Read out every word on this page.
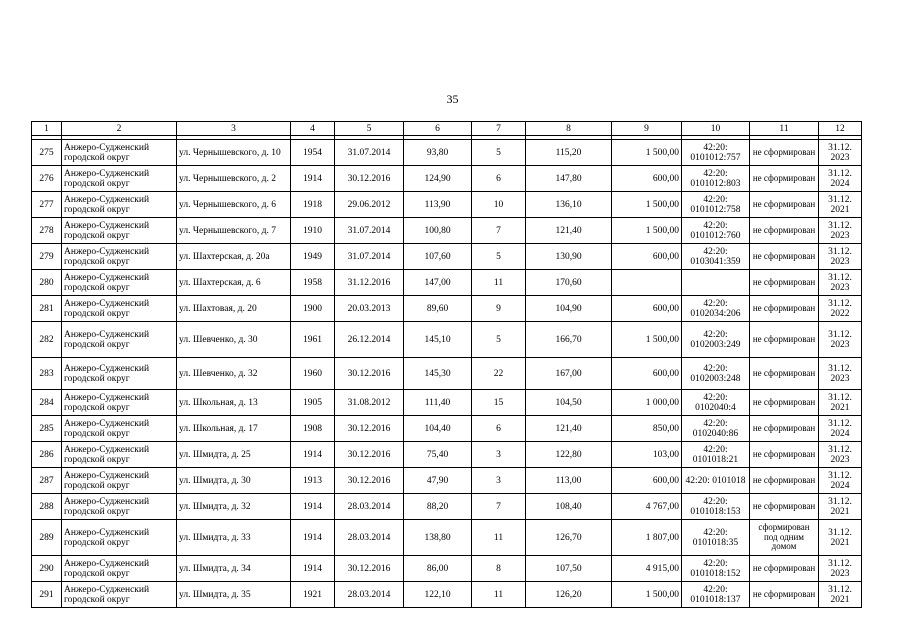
35
1	2	3	4	5	6	7	8	9	10	11	12

275	Анжеро-Судженский городской округ	ул. Чернышевского, д. 10	1954	31.07.2014	93,80	5	115,20	1 500,00	42:20: 0101012:757	не сформирован	31.12. 2023
276	Анжеро-Судженский городской округ	ул. Чернышевского, д. 2	1914	30.12.2016	124,90	6	147,80	600,00	42:20: 0101012:803	не сформирован	31.12. 2024
277	Анжеро-Судженский городской округ	ул. Чернышевского, д. 6	1918	29.06.2012	113,90	10	136,10	1 500,00	42:20: 0101012:758	не сформирован	31.12. 2021
278	Анжеро-Судженский городской округ	ул. Чернышевского, д. 7	1910	31.07.2014	100,80	7	121,40	1 500,00	42:20: 0101012:760	не сформирован	31.12. 2023
279	Анжеро-Судженский городской округ	ул. Шахтерская, д. 20а	1949	31.07.2014	107,60	5	130,90	600,00	42:20: 0103041:359	не сформирован	31.12. 2023
280	Анжеро-Судженский городской округ	ул. Шахтерская, д. 6	1958	31.12.2016	147,00	11	170,60			не сформирован	31.12. 2023
281	Анжеро-Судженский городской округ	ул. Шахтовая, д. 20	1900	20.03.2013	89,60	9	104,90	600,00	42:20: 0102034:206	не сформирован	31.12. 2022
282	Анжеро-Судженский городской округ	ул. Шевченко, д. 30	1961	26.12.2014	145,10	5	166,70	1 500,00	42:20: 0102003:249	не сформирован	31.12. 2023
283	Анжеро-Судженский городской округ	ул. Шевченко, д. 32	1960	30.12.2016	145,30	22	167,00	600,00	42:20: 0102003:248	не сформирован	31.12. 2023
284	Анжеро-Судженский городской округ	ул. Школьная, д. 13	1905	31.08.2012	111,40	15	104,50	1 000,00	42:20: 0102040:4	не сформирован	31.12. 2021
285	Анжеро-Судженский городской округ	ул. Школьная, д. 17	1908	30.12.2016	104,40	6	121,40	850,00	42:20: 0102040:86	не сформирован	31.12. 2024
286	Анжеро-Судженский городской округ	ул. Шмидта, д. 25	1914	30.12.2016	75,40	3	122,80	103,00	42:20: 0101018:21	не сформирован	31.12. 2023
287	Анжеро-Судженский городской округ	ул. Шмидта, д. 30	1913	30.12.2016	47,90	3	113,00	600,00	42:20: 0101018	не сформирован	31.12. 2024
288	Анжеро-Судженский городской округ	ул. Шмидта, д. 32	1914	28.03.2014	88,20	7	108,40	4 767,00	42:20: 0101018:153	не сформирован	31.12. 2021
289	Анжеро-Судженский городской округ	ул. Шмидта, д. 33	1914	28.03.2014	138,80	11	126,70	1 807,00	42:20: 0101018:35	сформирован под одним домом	31.12. 2021
290	Анжеро-Судженский городской округ	ул. Шмидта, д. 34	1914	30.12.2016	86,00	8	107,50	4 915,00	42:20: 0101018:152	не сформирован	31.12. 2023
291	Анжеро-Судженский городской округ	ул. Шмидта, д. 35	1921	28.03.2014	122,10	11	126,20	1 500,00	42:20: 0101018:137	не сформирован	31.12. 2021
